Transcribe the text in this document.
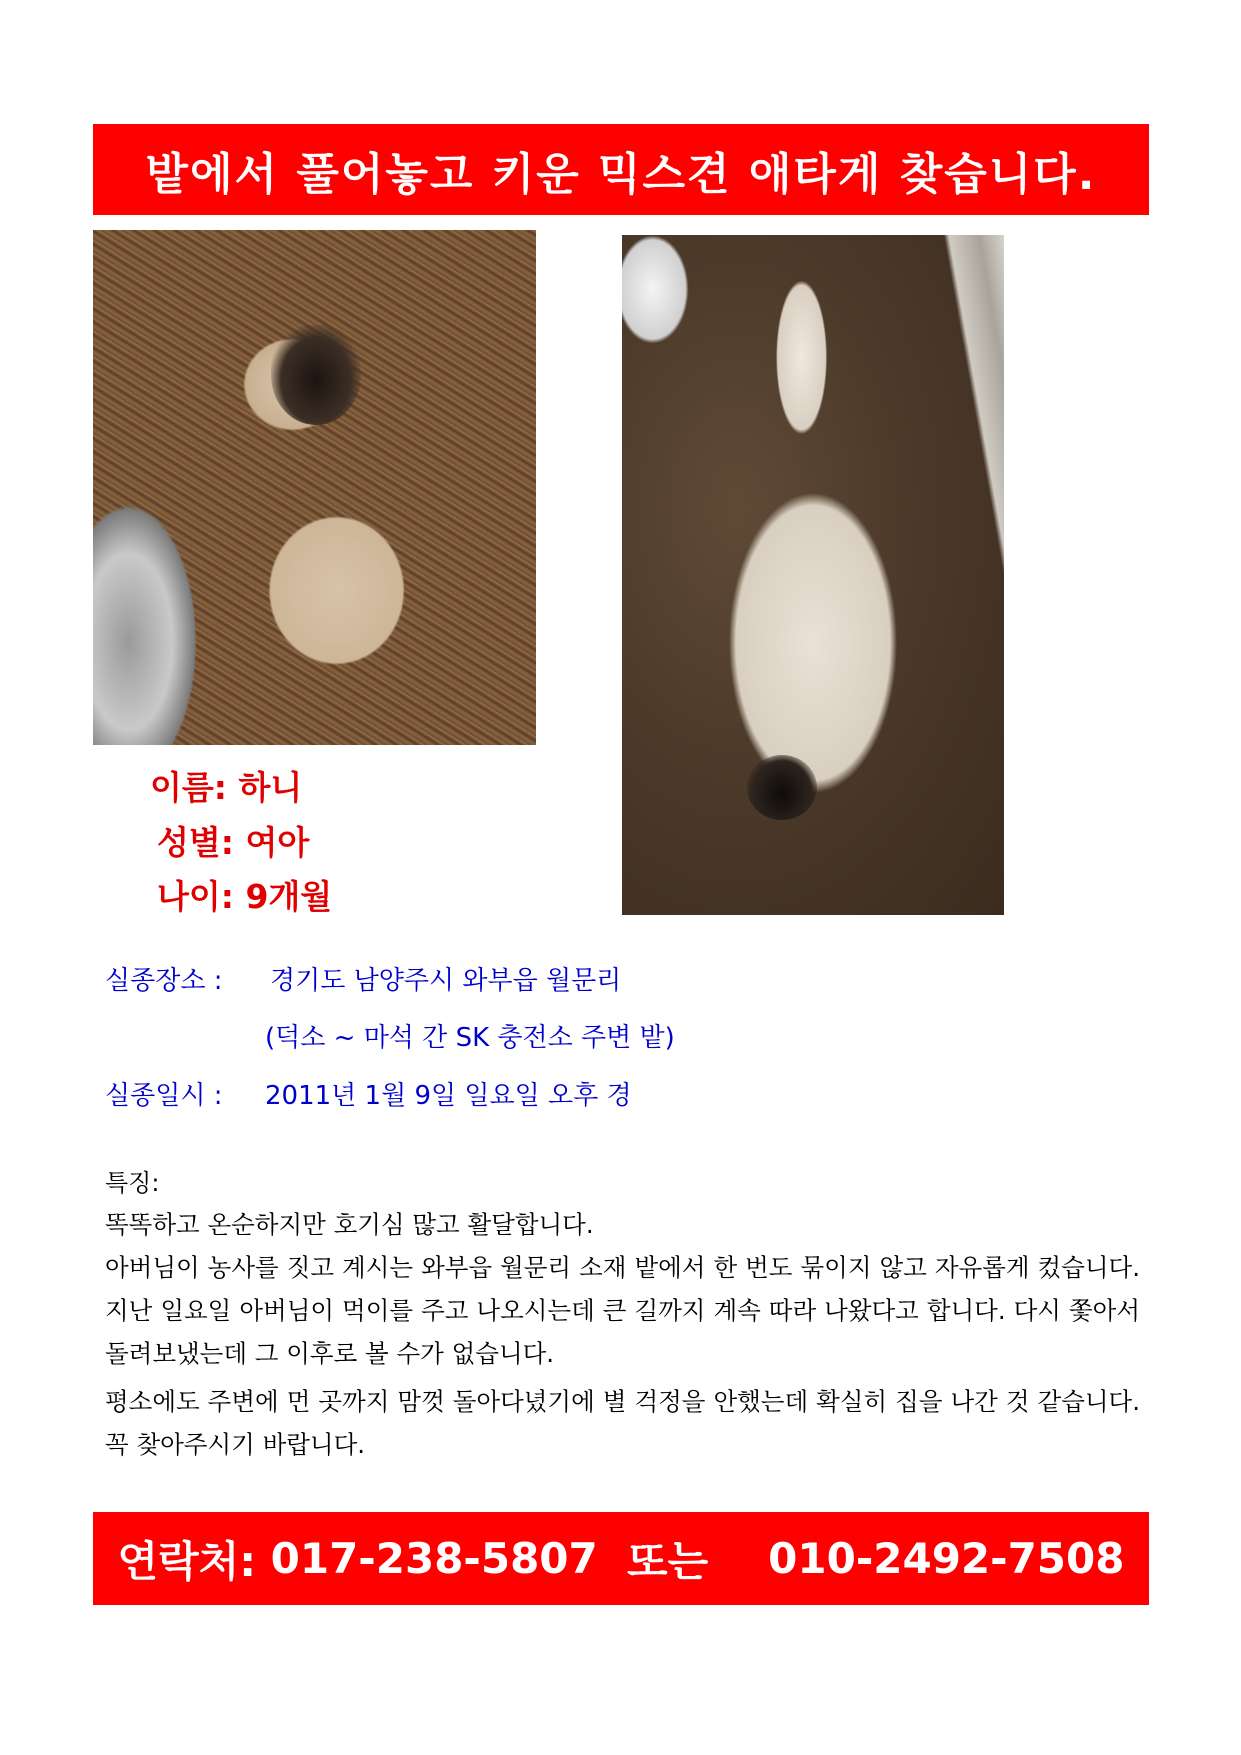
밭에서 풀어놓고 키운 믹스견 애타게 찾습니다.
이름: 하니
성별: 여아
나이: 9개월
실종장소 : 경기도 남양주시 와부읍 월문리
(덕소 ~ 마석 간 SK 충전소 주변 밭)
실종일시 : 2011년 1월 9일 일요일 오후 경
특징:

똑똑하고 온순하지만 호기심 많고 활달합니다.

아버님이 농사를 짓고 계시는 와부읍 월문리 소재 밭에서 한 번도 묶이지 않고 자유롭게 컸습니다. 지난 일요일 아버님이 먹이를 주고 나오시는데 큰 길까지 계속 따라 나왔다고 합니다. 다시 쫓아서 돌려보냈는데 그 이후로 볼 수가 없습니다.

평소에도 주변에 먼 곳까지 맘껏 돌아다녔기에 별 걱정을 안했는데 확실히 집을 나간 것 같습니다. 꼭 찾아주시기 바랍니다.

연락처:
017-238-5807
또는 010-2492-7508
